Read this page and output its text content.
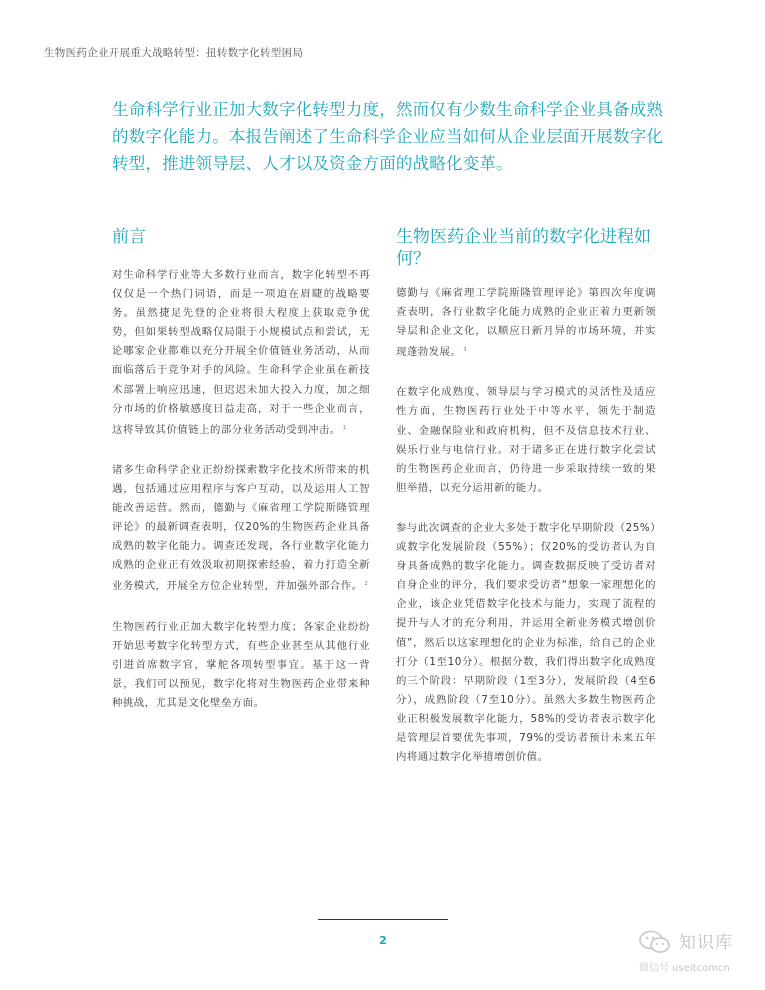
生物医药企业开展重大战略转型：扭转数字化转型困局
生命科学行业正加大数字化转型力度，然而仅有少数生命科学企业具备成熟的数字化能力。本报告阐述了生命科学企业应当如何从企业层面开展数字化转型，推进领导层、人才以及资金方面的战略化变革。
前言

对生命科学行业等大多数行业而言，数字化转型不再仅仅是一个热门词语，而是一项迫在眉睫的战略要务。虽然捷足先登的企业将很大程度上获取竞争优势，但如果转型战略仅局限于小规模试点和尝试，无论哪家企业都难以充分开展全价值链业务活动，从而面临落后于竞争对手的风险。生命科学企业虽在新技术部署上响应迅速，但迟迟未加大投入力度，加之细分市场的价格敏感度日益走高，对于一些企业而言，这将导致其价值链上的部分业务活动受到冲击。 $^1$

诸多生命科学企业正纷纷探索数字化技术所带来的机遇，包括通过应用程序与客户互动，以及运用人工智能改善运营。然而，德勤与《麻省理工学院斯隆管理评论》的最新调查表明，仅20%的生物医药企业具备成熟的数字化能力。调查还发现，各行业数字化能力成熟的企业正有效汲取初期探索经验，着力打造全新业务模式，开展全方位企业转型，并加强外部合作。 $^2$

生物医药行业正加大数字化转型力度；各家企业纷纷开始思考数字化转型方式，有些企业甚至从其他行业引进首席数字官，掌舵各项转型事宜。基于这一背景，我们可以预见，数字化将对生物医药企业带来种种挑战，尤其是文化壁垒方面。

生物医药企业当前的数字化进程如何？

德勤与《麻省理工学院斯隆管理评论》第四次年度调查表明，各行业数字化能力成熟的企业正着力更新领导层和企业文化，以顺应日新月异的市场环境，并实现蓬勃发展。 $^3$

在数字化成熟度、领导层与学习模式的灵活性及适应性方面，生物医药行业处于中等水平，领先于制造业、金融保险业和政府机构，但不及信息技术行业、娱乐行业与电信行业。对于诸多正在进行数字化尝试的生物医药企业而言，仍待进一步采取持续一致的果胆举措，以充分运用新的能力。

参与此次调查的企业大多处于数字化早期阶段（25%）或数字化发展阶段（55%）；仅20%的受访者认为自身具备成熟的数字化能力。调查数据反映了受访者对自身企业的评分，我们要求受访者“想象一家理想化的企业，该企业凭借数字化技术与能力，实现了流程的提升与人才的充分利用，并运用全新业务模式增创价值”，然后以这家理想化的企业为标准，给自己的企业打分（1至10分）。根据分数，我们得出数字化成熟度的三个阶段：早期阶段（1至3分），发展阶段（4至6分），成熟阶段（7至10分）。虽然大多数生物医药企业正积极发展数字化能力，58%的受访者表示数字化是管理层首要优先事项，79%的受访者预计未来五年内将通过数字化举措增创价值。

2	知识库
微信号 useitcomcn
